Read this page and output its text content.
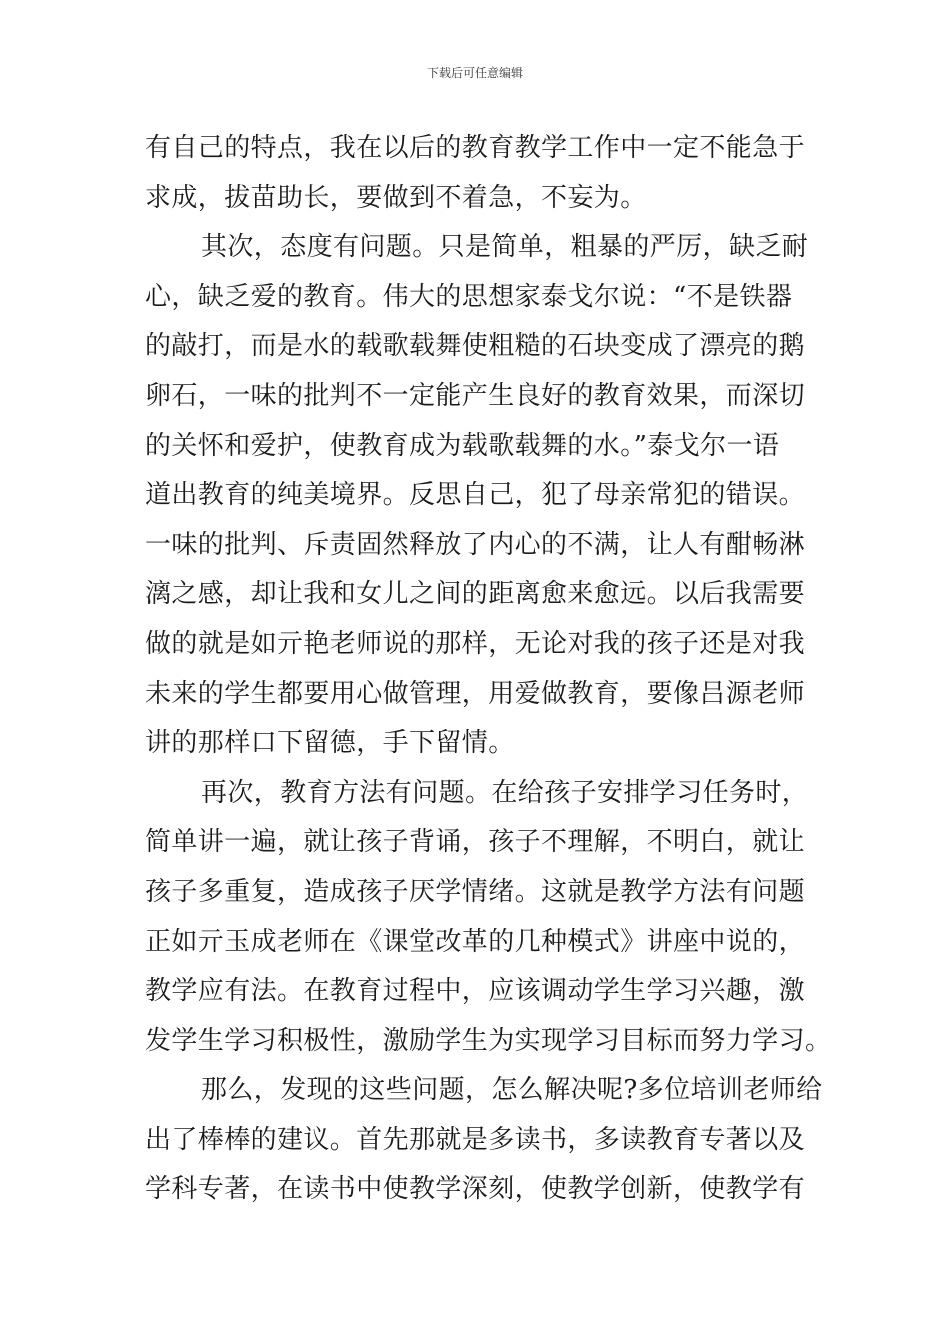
下载后可任意编辑
有自己的特点，我在以后的教育教学工作中一定不能急于
求成，拔苗助长，要做到不着急，不妄为。
其次，态度有问题。只是简单，粗暴的严厉，缺乏耐
心，缺乏爱的教育。伟大的思想家泰戈尔说：“不是铁器
的敲打，而是水的载歌载舞使粗糙的石块变成了漂亮的鹅
卵石，一味的批判不一定能产生良好的教育效果，而深切
的关怀和爱护，使教育成为载歌载舞的水。”泰戈尔一语
道出教育的纯美境界。反思自己，犯了母亲常犯的错误。
一味的批判、斥责固然释放了内心的不满，让人有酣畅淋
漓之感，却让我和女儿之间的距离愈来愈远。以后我需要
做的就是如亓艳老师说的那样，无论对我的孩子还是对我
未来的学生都要用心做管理，用爱做教育，要像吕源老师
讲的那样口下留德，手下留情。
再次，教育方法有问题。在给孩子安排学习任务时，
简单讲一遍，就让孩子背诵，孩子不理解，不明白，就让
孩子多重复，造成孩子厌学情绪。这就是教学方法有问题
正如亓玉成老师在《课堂改革的几种模式》讲座中说的，
教学应有法。在教育过程中，应该调动学生学习兴趣，激
发学生学习积极性，激励学生为实现学习目标而努力学习。
那么，发现的这些问题，怎么解决呢?多位培训老师给
出了棒棒的建议。首先那就是多读书，多读教育专著以及
学科专著，在读书中使教学深刻，使教学创新，使教学有
